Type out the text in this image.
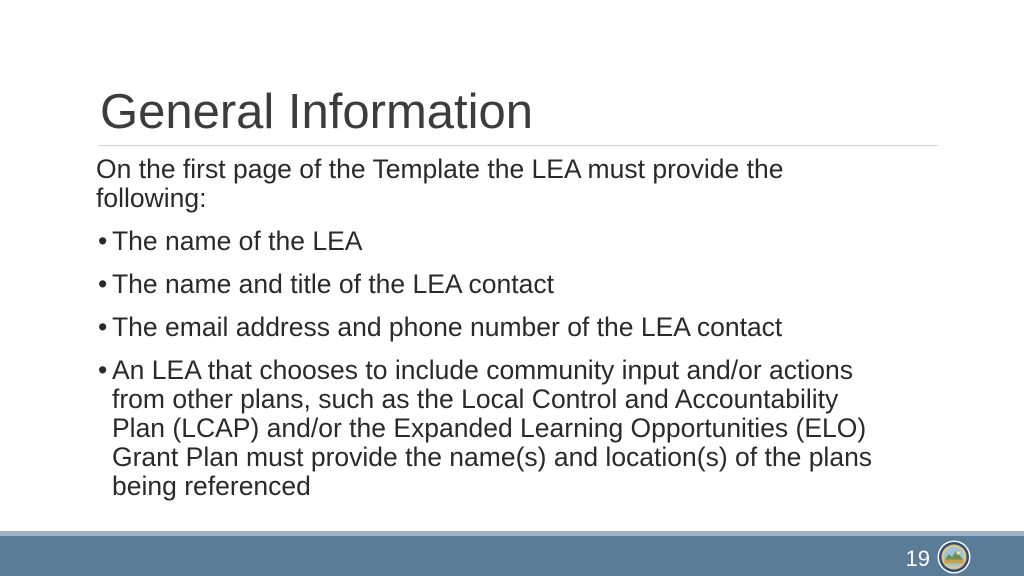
General Information

On the first page of the Template the LEA must provide the following:

• The name of the LEA
• The name and title of the LEA contact
• The email address and phone number of the LEA contact
• An LEA that chooses to include community input and/or actions from other plans, such as the Local Control and Accountability Plan (LCAP) and/or the Expanded Learning Opportunities (ELO) Grant Plan must provide the name(s) and location(s) of the plans being referenced
19
